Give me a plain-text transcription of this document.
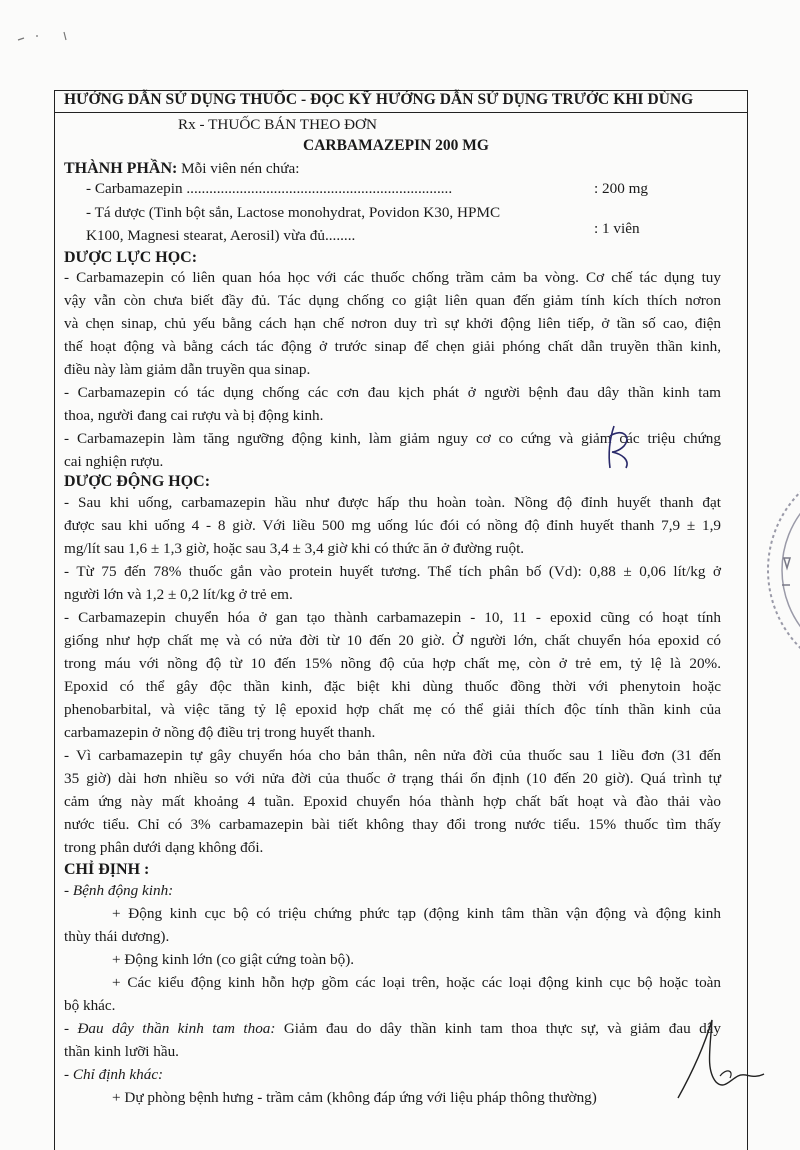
HƯỚNG DẪN SỬ DỤNG THUỐC - ĐỌC KỸ HƯỚNG DẪN SỬ DỤNG TRƯỚC KHI DÙNG
Rx - THUỐC BÁN THEO ĐƠN
CARBAMAZEPIN 200 MG
THÀNH PHẦN: Mỗi viên nén chứa:
- Carbamazepin ......................................................................	: 200 mg
- Tá dược (Tinh bột sắn, Lactose monohydrat, Povidon K30, HPMC
K100, Magnesi stearat, Aerosil) vừa đủ........	: 1 viên
DƯỢC LỰC HỌC:
- Carbamazepin có liên quan hóa học với các thuốc chống trầm cảm ba vòng. Cơ chế tác dụng tuy
vậy vẫn còn chưa biết đầy đủ. Tác dụng chống co giật liên quan đến giảm tính kích thích nơron
và chẹn sinap, chủ yếu bằng cách hạn chế nơron duy trì sự khởi động liên tiếp, ở tần số cao, điện
thế hoạt động và bằng cách tác động ở trước sinap để chẹn giải phóng chất dẫn truyền thần kinh,
điều này làm giảm dẫn truyền qua sinap.
- Carbamazepin có tác dụng chống các cơn đau kịch phát ở người bệnh đau dây thần kinh tam
thoa, người đang cai rượu và bị động kinh.
- Carbamazepin làm tăng ngưỡng động kinh, làm giảm nguy cơ co cứng và giảm các triệu chứng
cai nghiện rượu.
DƯỢC ĐỘNG HỌC:
- Sau khi uống, carbamazepin hầu như được hấp thu hoàn toàn. Nồng độ đỉnh huyết thanh đạt
được sau khi uống 4 - 8 giờ. Với liều 500 mg uống lúc đói có nồng độ đỉnh huyết thanh 7,9 ± 1,9
mg/lít sau 1,6 ± 1,3 giờ, hoặc sau 3,4 ± 3,4 giờ khi có thức ăn ở đường ruột.
- Từ 75 đến 78% thuốc gắn vào protein huyết tương. Thể tích phân bố (Vd): 0,88 ± 0,06 lít/kg ở
người lớn và 1,2 ± 0,2 lít/kg ở trẻ em.
- Carbamazepin chuyển hóa ở gan tạo thành carbamazepin - 10, 11 - epoxid cũng có hoạt tính
giống như hợp chất mẹ và có nửa đời từ 10 đến 20 giờ. Ở người lớn, chất chuyển hóa epoxid có
trong máu với nồng độ từ 10 đến 15% nồng độ của hợp chất mẹ, còn ở trẻ em, tỷ lệ là 20%.
Epoxid có thể gây độc thần kinh, đặc biệt khi dùng thuốc đồng thời với phenytoin hoặc
phenobarbital, và việc tăng tỷ lệ epoxid hợp chất mẹ có thể giải thích độc tính thần kinh của
carbamazepin ở nồng độ điều trị trong huyết thanh.
- Vì carbamazepin tự gây chuyển hóa cho bản thân, nên nửa đời của thuốc sau 1 liều đơn (31 đến
35 giờ) dài hơn nhiều so với nửa đời của thuốc ở trạng thái ổn định (10 đến 20 giờ). Quá trình tự
cảm ứng này mất khoảng 4 tuần. Epoxid chuyển hóa thành hợp chất bất hoạt và đào thải vào
nước tiểu. Chỉ có 3% carbamazepin bài tiết không thay đổi trong nước tiểu. 15% thuốc tìm thấy
trong phân dưới dạng không đổi.
CHỈ ĐỊNH :
- Bệnh động kinh:
+ Động kinh cục bộ có triệu chứng phức tạp (động kinh tâm thần vận động và động kinh
thùy thái dương).
+ Động kinh lớn (co giật cứng toàn bộ).
+ Các kiểu động kinh hỗn hợp gồm các loại trên, hoặc các loại động kinh cục bộ hoặc toàn
bộ khác.
- Đau dây thần kinh tam thoa: Giảm đau do dây thần kinh tam thoa thực sự, và giảm đau dây
thần kinh lưỡi hầu.
- Chỉ định khác:
+ Dự phòng bệnh hưng - trầm cảm (không đáp ứng với liệu pháp thông thường)
